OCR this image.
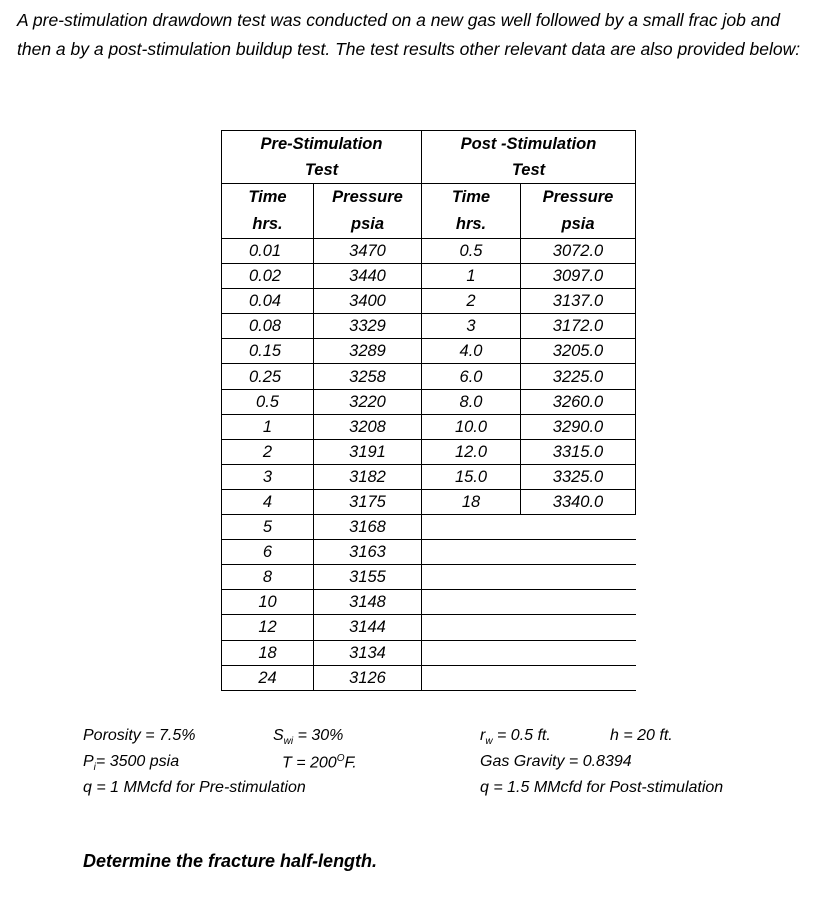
A pre-stimulation drawdown test was conducted on a new gas well followed by a small frac job and then a by a post-stimulation buildup test. The test results other relevant data are also provided below:
Pre-Stimulation		Post -Stimulation	
Test		Test	
Time	Pressure	Time	Pressure
hrs.	psia	hrs.	psia
0.01	3470	0.5	3072.0
0.02	3440	1	3097.0
0.04	3400	2	3137.0
0.08	3329	3	3172.0
0.15	3289	4.0	3205.0
0.25	3258	6.0	3225.0
0.5	3220	8.0	3260.0
1	3208	10.0	3290.0
2	3191	12.0	3315.0
3	3182	15.0	3325.0
4	3175	18	3340.0
5	3168		
6	3163		
8	3155		
10	3148		
12	3144		
18	3134		
24	3126		
Porosity = 7.5%	$S_{wi} = 30\%$
$P_i= 3500$ psia	$T = 200^OF$.
q = 1 MMcfd for Pre-stimulation
$r_w = 0.5$ ft.	h = 20 ft.
Gas Gravity = 0.8394
q = 1.5 MMcfd for Post-stimulation
Determine the fracture half-length.
